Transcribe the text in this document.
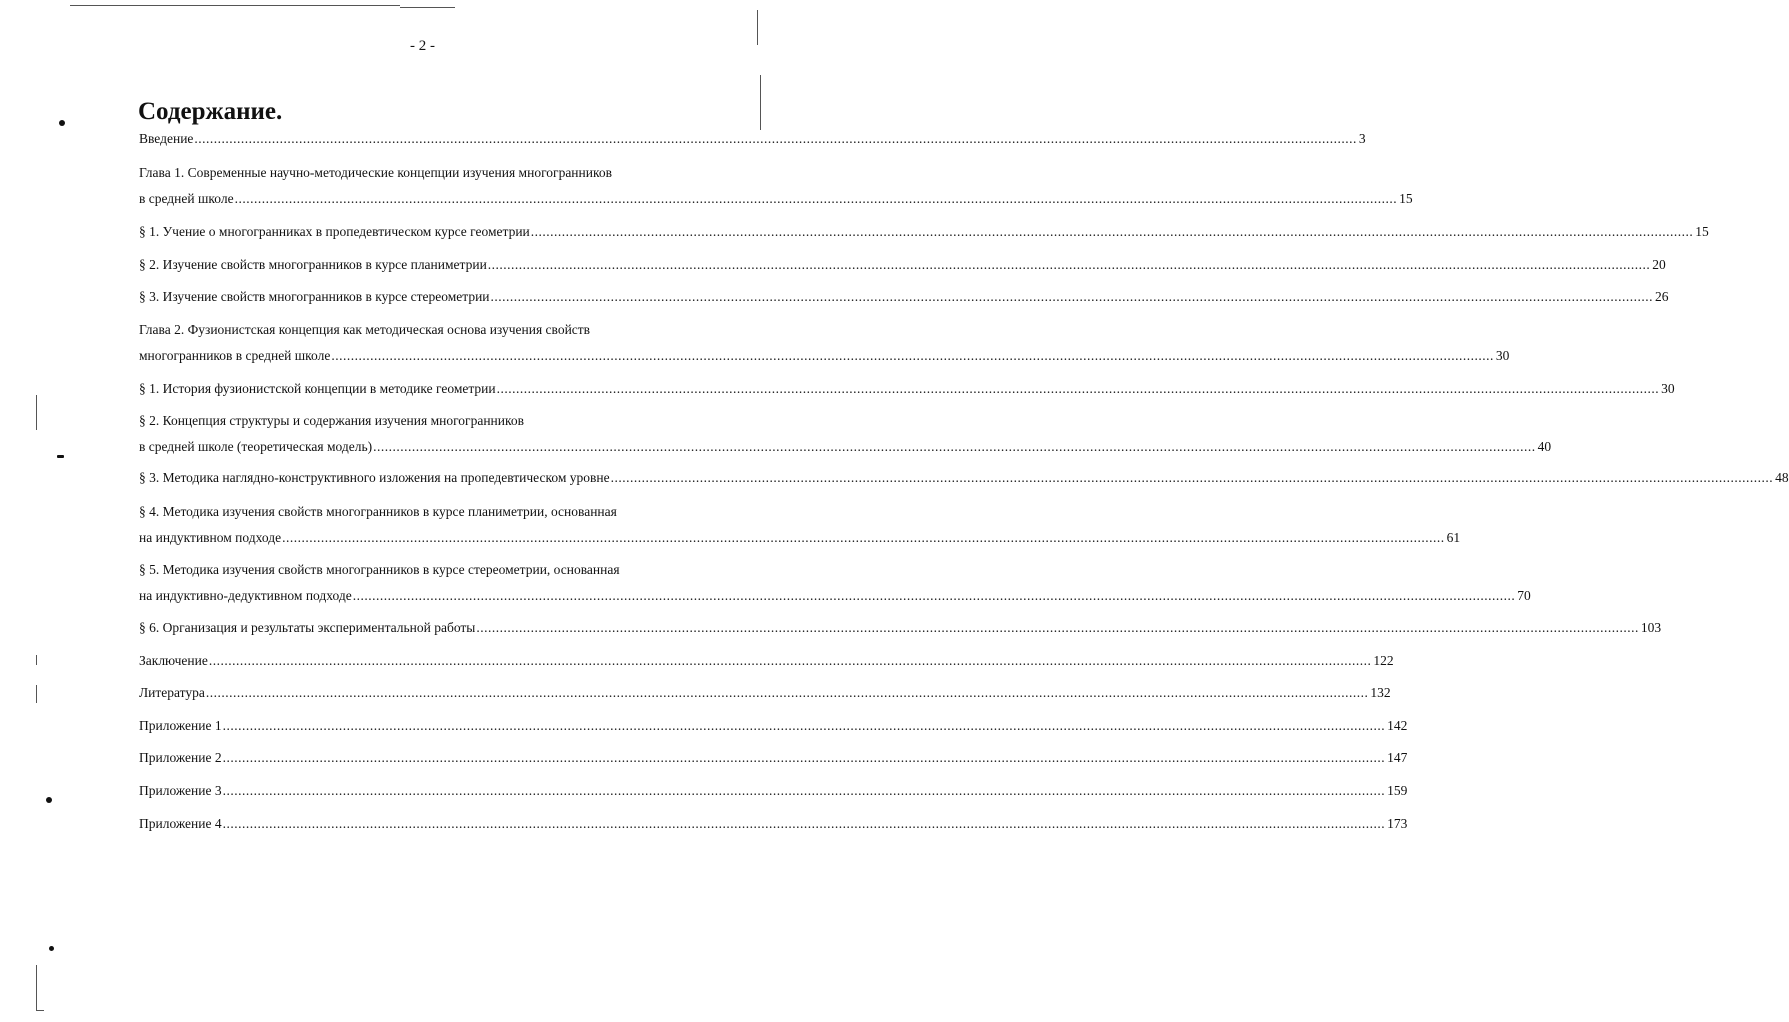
- 2 -
Содержание.
Введение ............................................................................................................................................................................................................................................................................................................ 3
Глава 1. Современные научно-методические концепции изучения многогранников
в средней школе ............................................................................................................................................................................................................................................................................................................ 15
§ 1. Учение о многогранниках в пропедевтическом курсе геометрии ............................................................................................................................................................................................................................................................................................................ 15
§ 2. Изучение свойств многогранников в курсе планиметрии ............................................................................................................................................................................................................................................................................................................ 20
§ 3. Изучение свойств многогранников в курсе стереометрии ............................................................................................................................................................................................................................................................................................................ 26
Глава 2. Фузионистская концепция как методическая основа изучения свойств
многогранников в средней школе ............................................................................................................................................................................................................................................................................................................ 30
§ 1. История фузионистской концепции в методике геометрии ............................................................................................................................................................................................................................................................................................................ 30
§ 2. Концепция структуры и содержания изучения многогранников
в средней школе (теоретическая модель) ............................................................................................................................................................................................................................................................................................................ 40
§ 3. Методика наглядно-конструктивного изложения на пропедевтическом уровне ............................................................................................................................................................................................................................................................................................................ 48
§ 4. Методика изучения свойств многогранников в курсе планиметрии, основанная
на индуктивном подходе ............................................................................................................................................................................................................................................................................................................ 61
§ 5. Методика изучения свойств многогранников в курсе стереометрии, основанная
на индуктивно-дедуктивном подходе ............................................................................................................................................................................................................................................................................................................ 70
§ 6. Организация и результаты экспериментальной работы ............................................................................................................................................................................................................................................................................................................ 103
Заключение ............................................................................................................................................................................................................................................................................................................ 122
Литература ............................................................................................................................................................................................................................................................................................................ 132
Приложение 1 ............................................................................................................................................................................................................................................................................................................ 142
Приложение 2 ............................................................................................................................................................................................................................................................................................................ 147
Приложение 3 ............................................................................................................................................................................................................................................................................................................ 159
Приложение 4 ............................................................................................................................................................................................................................................................................................................ 173
